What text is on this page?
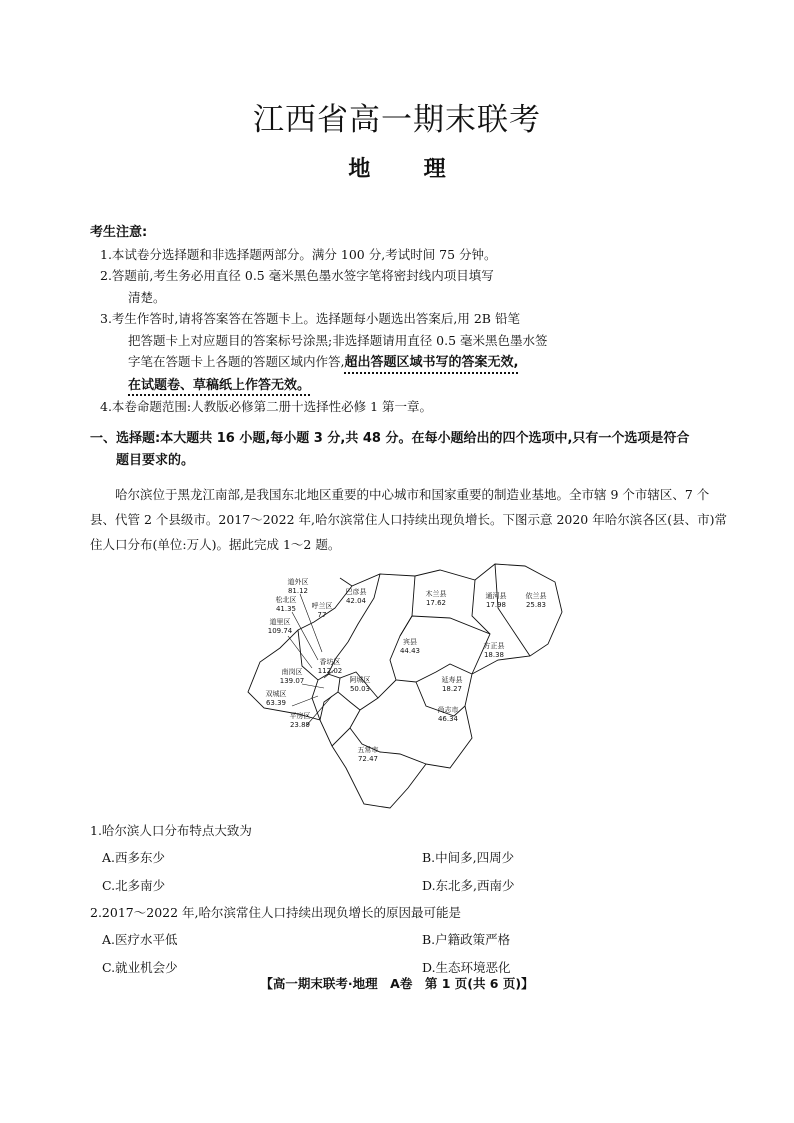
江西省高一期末联考
地 理
考生注意:
1.本试卷分选择题和非选择题两部分。满分 100 分,考试时间 75 分钟。
2.答题前,考生务必用直径 0.5 毫米黑色墨水签字笔将密封线内项目填写
清楚。
3.考生作答时,请将答案答在答题卡上。选择题每小题选出答案后,用 2B 铅笔
把答题卡上对应题目的答案标号涂黑;非选择题请用直径 0.5 毫米黑色墨水签
字笔在答题卡上各题的答题区域内作答,超出答题区域书写的答案无效,
在试题卷、草稿纸上作答无效。
4.本卷命题范围:人教版必修第二册十选择性必修 1 第一章。
一、选择题:本大题共 16 小题,每小题 3 分,共 48 分。在每小题给出的四个选项中,只有一个选项是符合
题目要求的。
哈尔滨位于黑龙江南部,是我国东北地区重要的中心城市和国家重要的制造业基地。全市辖 9 个市辖区、7 个县、代管 2 个县级市。2017～2022 年,哈尔滨常住人口持续出现负增长。下图示意 2020 年哈尔滨各区(县、市)常住人口分布(单位:万人)。据此完成 1～2 题。
道外区
81.12
松北区
41.35 呼兰区
77
巴彦县
42.04
木兰县
17.62
通河县
17.98
依兰县
25.83
道里区
109.74
宾县
44.43
方正县
18.38
香坊区
112.02
南岗区
139.07	阿城区
50.03
延寿县
18.27
双城区
63.39
平房区
23.89
尚志市
46.34
五常市
72.47
1.哈尔滨人口分布特点大致为
A.西多东少	B.中间多,四周少
C.北多南少	D.东北多,西南少
2.2017～2022 年,哈尔滨常住人口持续出现负增长的原因最可能是
A.医疗水平低	B.户籍政策严格
C.就业机会少	D.生态环境恶化
【高一期末联考·地理　A卷　第 1 页(共 6 页)】
